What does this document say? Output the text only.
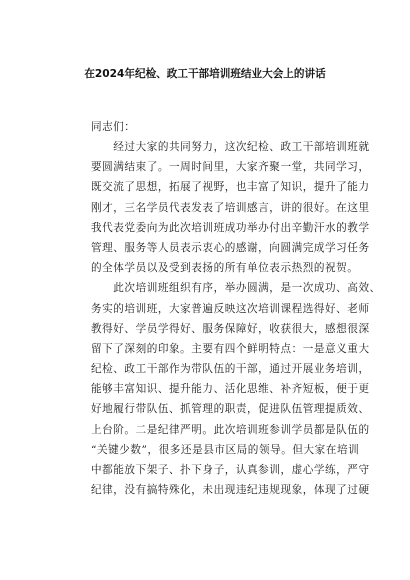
在2024年纪检、政工干部培训班结业大会上的讲话
同志们：
　　经过大家的共同努力，这次纪检、政工干部培训班就
要圆满结束了。一周时间里，大家齐聚一堂，共同学习，
既交流了思想，拓展了视野，也丰富了知识，提升了能力
刚才，三名学员代表发表了培训感言，讲的很好。在这里
我代表党委向为此次培训班成功举办付出辛勤汗水的教学
管理、服务等人员表示衷心的感谢，向圆满完成学习任务
的全体学员以及受到表扬的所有单位表示热烈的祝贺。
　　此次培训班组织有序，举办圆满，是一次成功、高效、
务实的培训班，大家普遍反映这次培训课程选得好、老师
教得好、学员学得好、服务保障好，收获很大，感想很深
留下了深刻的印象。主要有四个鲜明特点：一是意义重大
纪检、政工干部作为带队伍的干部，通过开展业务培训，
能够丰富知识、提升能力、活化思维、补齐短板，便于更
好地履行带队伍、抓管理的职责，促进队伍管理提质效、
上台阶。二是纪律严明。此次培训班参训学员都是队伍的
“关键少数”，很多还是县市区局的领导。但大家在培训
中都能放下架子、扑下身子，认真参训，虚心学练，严守
纪律，没有搞特殊化，未出现违纪违规现象，体现了过硬
